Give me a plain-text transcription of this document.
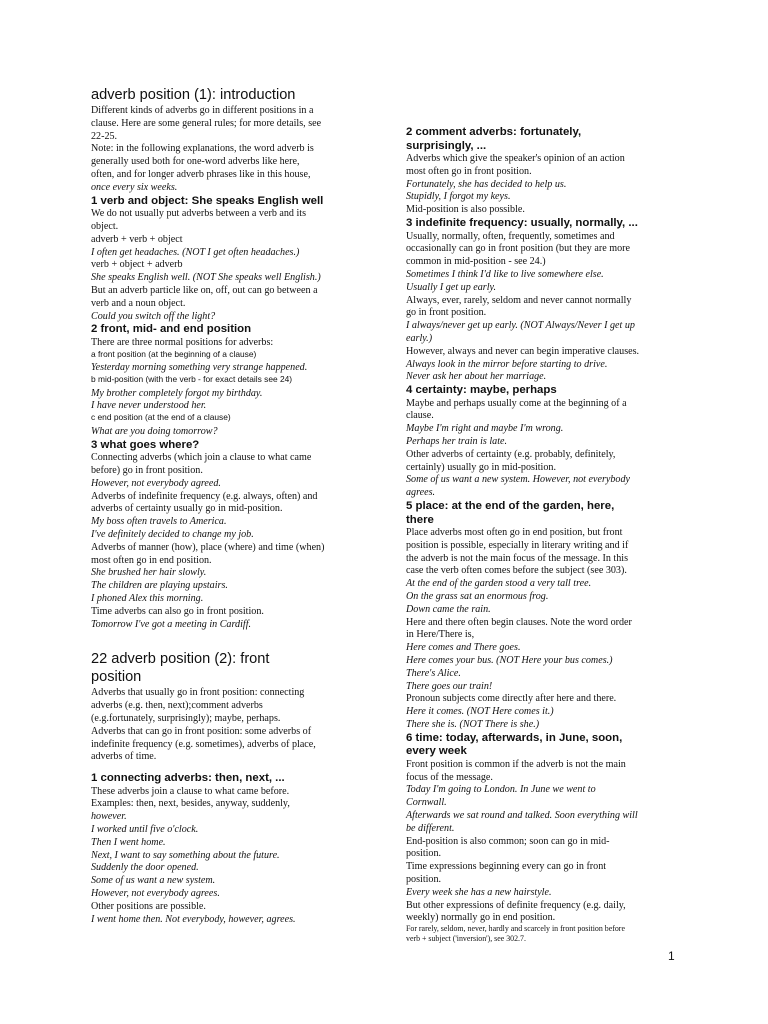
adverb position (1): introduction
Different kinds of adverbs go in different positions in a
clause. Here are some general rules; for more details, see
22-25.
Note: in the following explanations, the word adverb is
generally used both for one-word adverbs like here,
often, and for longer adverb phrases like in this house,
once every six weeks.
1 verb and object: She speaks English well
We do not usually put adverbs between a verb and its
object.
adverb + verb + object
I often get headaches. (NOT I get often headaches.)
verb + object + adverb
She speaks English well. (NOT She speaks well English.)
But an adverb particle like on, off, out can go between a
verb and a noun object.
Could you switch off the light?
2 front, mid- and end position
There are three normal positions for adverbs:
a front position (at the beginning of a clause)
Yesterday morning something very strange happened.
b mid-position (with the verb - for exact details see 24)
My brother completely forgot my birthday.
I have never understood her.
c end position (at the end of a clause)
What are you doing tomorrow?
3 what goes where?
Connecting adverbs (which join a clause to what came
before) go in front position.
However, not everybody agreed.
Adverbs of indefinite frequency (e.g. always, often) and
adverbs of certainty usually go in mid-position.
My boss often travels to America.
I've definitely decided to change my job.
Adverbs of manner (how), place (where) and time (when)
most often go in end position.
She brushed her hair slowly.
The children are playing upstairs.
I phoned Alex this morning.
Time adverbs can also go in front position.
Tomorrow I've got a meeting in Cardiff.
22 adverb position (2): front
position
Adverbs that usually go in front position: connecting
adverbs (e.g. then, next);comment adverbs
(e.g.fortunately, surprisingly); maybe, perhaps.
Adverbs that can go in front position: some adverbs of
indefinite frequency (e.g. sometimes), adverbs of place,
adverbs of time.
1 connecting adverbs: then, next, ...
These adverbs join a clause to what came before.
Examples: then, next, besides, anyway, suddenly,
however.
I worked until five o'clock.
Then I went home.
Next, I want to say something about the future.
Suddenly the door opened.
Some of us want a new system.
However, not everybody agrees.
Other positions are possible.
I went home then. Not everybody, however, agrees.
2 comment adverbs: fortunately,
surprisingly, ...
Adverbs which give the speaker's opinion of an action
most often go in front position.
Fortunately, she has decided to help us.
Stupidly, I forgot my keys.
Mid-position is also possible.
3 indefinite frequency: usually, normally, ...
Usually, normally, often, frequently, sometimes and
occasionally can go in front position (but they are more
common in mid-position - see 24.)
Sometimes I think I'd like to live somewhere else.
Usually I get up early.
Always, ever, rarely, seldom and never cannot normally
go in front position.
I always/never get up early. (NOT Always/Never I get up
early.)
However, always and never can begin imperative clauses.
Always look in the mirror before starting to drive.
Never ask her about her marriage.
4 certainty: maybe, perhaps
Maybe and perhaps usually come at the beginning of a
clause.
Maybe I'm right and maybe I'm wrong.
Perhaps her train is late.
Other adverbs of certainty (e.g. probably, definitely,
certainly) usually go in mid-position.
Some of us want a new system. However, not everybody
agrees.
5 place: at the end of the garden, here,
there
Place adverbs most often go in end position, but front
position is possible, especially in literary writing and if
the adverb is not the main focus of the message. In this
case the verb often comes before the subject (see 303).
At the end of the garden stood a very tall tree.
On the grass sat an enormous frog.
Down came the rain.
Here and there often begin clauses. Note the word order
in Here/There is,
Here comes and There goes.
Here comes your bus. (NOT Here your bus comes.)
There's Alice.
There goes our train!
Pronoun subjects come directly after here and there.
Here it comes. (NOT Here comes it.)
There she is. (NOT There is she.)
6 time: today, afterwards, in June, soon,
every week
Front position is common if the adverb is not the main
focus of the message.
Today I'm going to London. In June we went to
Cornwall.
Afterwards we sat round and talked. Soon everything will
be different.
End-position is also common; soon can go in mid-
position.
Time expressions beginning every can go in front
position.
Every week she has a new hairstyle.
But other expressions of definite frequency (e.g. daily,
weekly) normally go in end position.
For rarely, seldom, never, hardly and scarcely in front position before
verb + subject ('inversion'), see 302.7.
1
